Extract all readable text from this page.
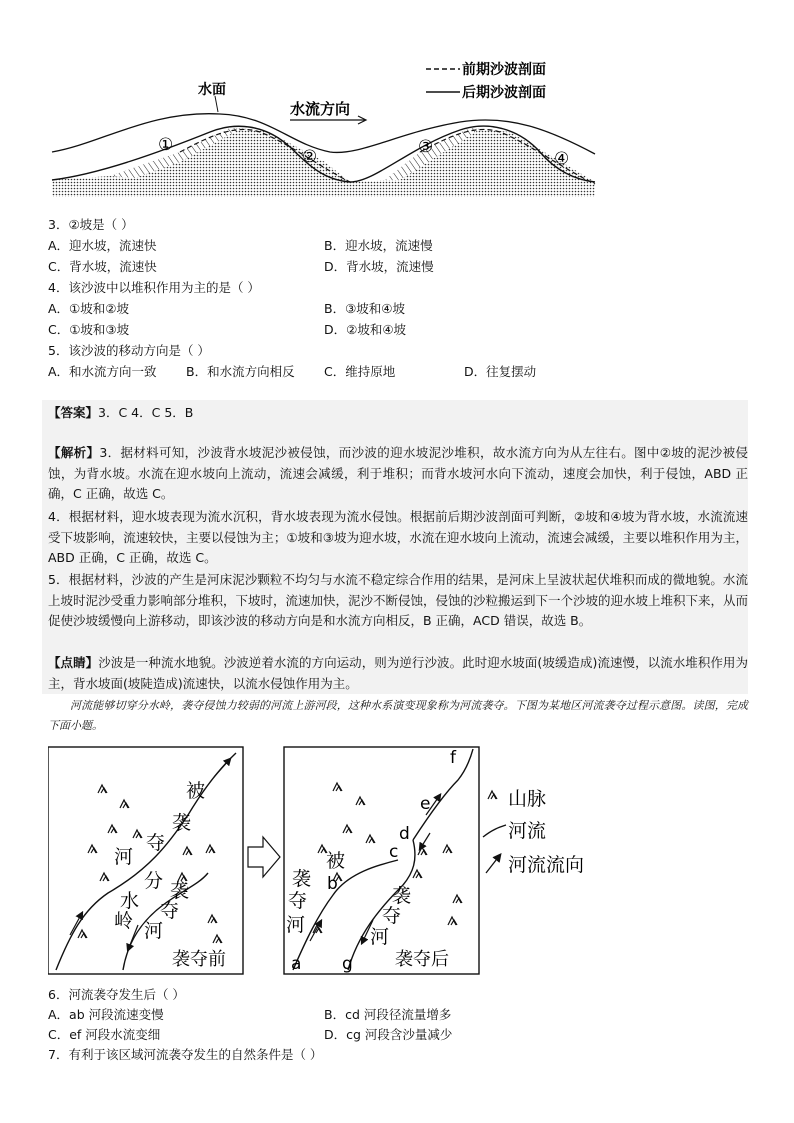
水面
水流方向
①
②	③
④
前期沙波剖面
后期沙波剖面
3．②坡是（ ）
A．迎水坡，流速快	B．迎水坡，流速慢
C．背水坡，流速快	D．背水坡，流速慢
4．该沙波中以堆积作用为主的是（ ）
A．①坡和②坡	B．③坡和④坡
C．①坡和③坡	D．②坡和④坡
5．该沙波的移动方向是（ ）
A．和水流方向一致 B．和水流方向相反 C．维持原地	D．往复摆动
【答案】3．C 4．C 5．B
【解析】3．据材料可知，沙波背水坡泥沙被侵蚀，而沙波的迎水坡泥沙堆积，故水流方向为从左往右。图中②坡的泥沙被侵蚀，为背水坡。水流在迎水坡向上流动，流速会减缓，利于堆积；而背水坡河水向下流动，速度会加快，利于侵蚀，ABD 正确，C 正确，故选 C。
4．根据材料，迎水坡表现为流水沉积，背水坡表现为流水侵蚀。根据前后期沙波剖面可判断，②坡和④坡为背水坡，水流流速受下坡影响，流速较快，主要以侵蚀为主；①坡和③坡为迎水坡，水流在迎水坡向上流动，流速会减缓，主要以堆积作用为主，ABD 正确，C 正确，故选 C。
5．根据材料，沙波的产生是河床泥沙颗粒不均匀与水流不稳定综合作用的结果，是河床上呈波状起伏堆积而成的微地貌。水流上坡时泥沙受重力影响部分堆积，下坡时，流速加快，泥沙不断侵蚀，侵蚀的沙粒搬运到下一个沙坡的迎水坡上堆积下来，从而促使沙坡缓慢向上游移动，即该沙波的移动方向是和水流方向相反，B 正确，ACD 错误，故选 B。
【点睛】沙波是一种流水地貌。沙波逆着水流的方向运动，则为逆行沙波。此时迎水坡面(坡缓造成)流速慢，以流水堆积作用为主，背水坡面(坡陡造成)流速快，以流水侵蚀作用为主。
河流能够切穿分水岭，袭夺侵蚀力较弱的河流上游河段，这种水系演变现象称为河流袭夺。下图为某地区河流袭夺过程示意图。读图，完成下面小题。
被
袭
夺
河
分
水
岭
袭
夺
河
袭夺前
被
袭
夺
河
袭
夺
河
a
b
c
d
e
f
g 袭夺后
山脉
河流
河流流向
6．河流袭夺发生后（ ）
A．ab 河段流速变慢	B．cd 河段径流量增多
C．ef 河段水流变细	D．cg 河段含沙量减少
7．有利于该区域河流袭夺发生的自然条件是（ ）
